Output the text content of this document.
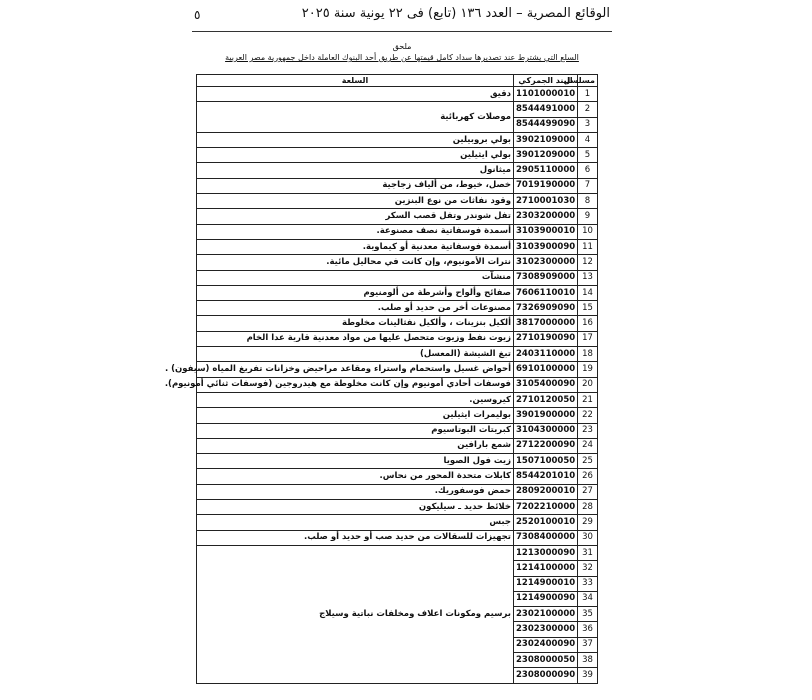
٥	الوقائع المصرية – العدد ١٣٦ (تابع) فى ٢٢ يونية سنة ٢٠٢٥
ملحق
السلع التي يشترط عند تصديرها سداد كامل قيمتها عن طريق أحد البنوك العاملة داخل جمهورية مصر العربية
مسلسل	البند الجمركي	السلعة
1	1101000010	دقيق
2	8544491000	موصلات كهربائية
3	8544499090	
4	3902109000	بولي بروبيلين
5	3901209000	بولي ايثيلين
6	2905110000	ميثانول
7	7019190000	خصل، خيوط، من ألياف زجاجية
8	2710001030	وقود نفاثات من نوع البنزين
9	2303200000	تفل شوندر وتفل قصب السكر
10	3103900010	أسمدة فوسفاتية نصف مصنوعة.
11	3103900090	أسمدة فوسفاتية معدنية أو كيماوية.
12	3102300000	نترات الأمونيوم، وإن كانت في محاليل مائية.
13	7308909000	منشآت
14	7606110010	صفائح وألواح وأشرطة من ألومنيوم
15	7326909090	مصنوعات أخر من حديد أو صلب.
16	3817000000	ألكيل بنزينات ، وألكيل نفثالينات مخلوطة
17	2710190090	زيوت نفط وزيوت متحصل عليها من مواد معدنية قارية عدا الخام
18	2403110000	تبغ الشيشة (المعسل)
19	6910100000	أحواض غسيل واستحمام واستراء ومقاعد مراحيض وخزانات تفريغ المياه (سيفون) .
20	3105400090	فوسفات أحادي أمونيوم وإن كانت مخلوطة مع هيدروجين (فوسفات ثنائي أمونيوم).
21	2710120050	كيروسين.
22	3901900000	بوليمرات ايثيلين
23	3104300000	كبريتات البوتاسيوم
24	2712200090	شمع بارافين
25	1507100050	زيت فول الصويا
26	8544201010	كابلات متحدة المحور من نحاس.
27	2809200010	حمض فوسفوريك.
28	7202210000	خلائط حديد ـ سيليكون
29	2520100010	جبس
30	7308400000	تجهيزات للسقالات من حديد صب أو حديد أو صلب.
31	1213000090	برسيم ومكونات اعلاف ومخلفات نباتية وسيلاج
32	1214100000	
33	1214900010	
34	1214900090	
35	2302100000	
36	2302300000	
37	2302400090	
38	2308000050	
39	2308000090	
